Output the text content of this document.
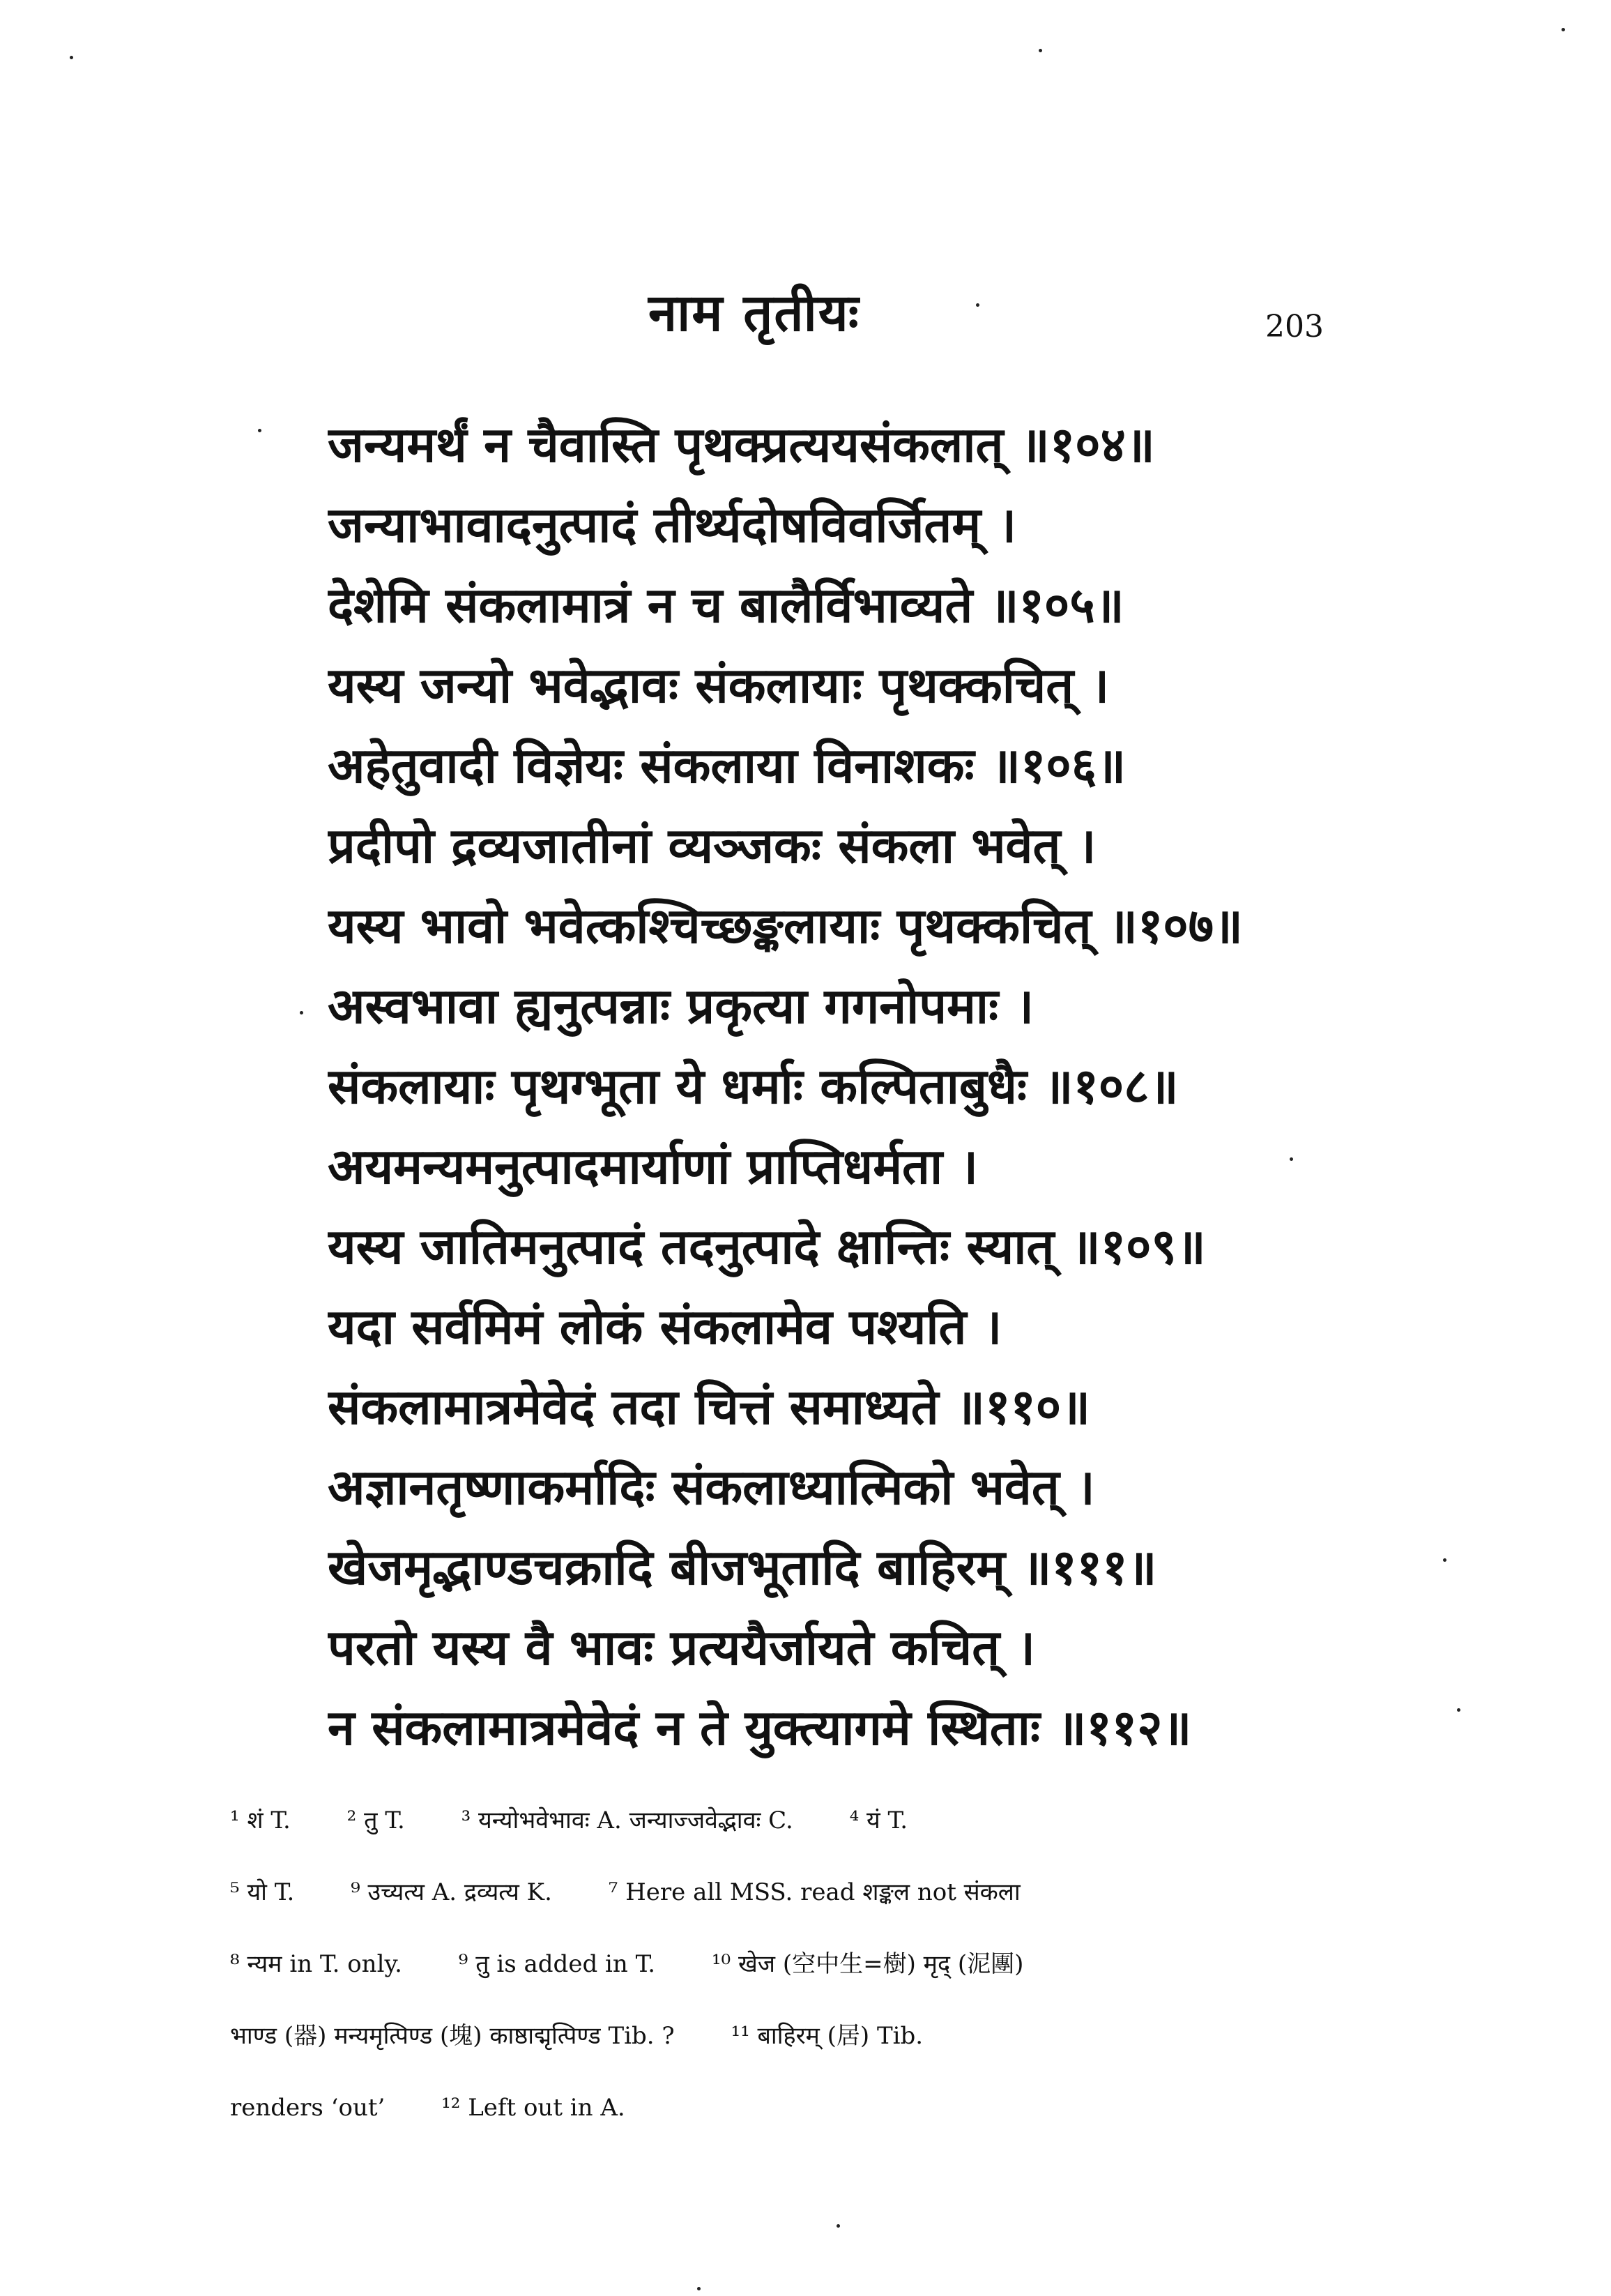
नाम तृतीयः	203
जन्यमर्थं न चैवास्ति पृथक्प्रत्ययसंकलात् ॥१०४॥
जन्याभावादनुत्पादं तीर्थ्यदोषविवर्जितम् ।
देशेमि संकलामात्रं न च बालैर्विभाव्यते ॥१०५॥
यस्य जन्यो भवेद्भावः संकलायाः पृथक्कचित् ।
अहेतुवादी विज्ञेयः संकलाया विनाशकः ॥१०६॥
प्रदीपो द्रव्यजातीनां व्यञ्जकः संकला भवेत् ।
यस्य भावो भवेत्कश्चिच्छङ्कलायाः पृथक्कचित् ॥१०७॥
अस्वभावा ह्यनुत्पन्नाः प्रकृत्या गगनोपमाः ।
संकलायाः पृथग्भूता ये धर्माः कल्पिताबुधैः ॥१०८॥
अयमन्यमनुत्पादमार्याणां प्राप्तिधर्मता ।
यस्य जातिमनुत्पादं तदनुत्पादे क्षान्तिः स्यात् ॥१०९॥
यदा सर्वमिमं लोकं संकलामेव पश्यति ।
संकलामात्रमेवेदं तदा चित्तं समाध्यते ॥११०॥
अज्ञानतृष्णाकर्मादिः संकलाध्यात्मिको भवेत् ।
खेजमृद्भाण्डचक्रादि बीजभूतादि बाहिरम् ॥१११॥
परतो यस्य वै भावः प्रत्ययैर्जायते कचित् ।
न संकलामात्रमेवेदं न ते युक्त्यागमे स्थिताः ॥११२॥
¹ शं T. ² तु T. ³ यन्योभवेभावः A. जन्याज्जवेद्भावः C. ⁴ यं T.
⁵ यो T. ⁹ उच्यत्य A. द्रव्यत्य K. ⁷ Here all MSS. read शङ्कल not संकला
⁸ न्यम in T. only. ⁹ तु is added in T. ¹⁰ खेज (空中生=樹) मृद् (泥團)
भाण्ड (器) मन्यमृत्पिण्ड (塊) काष्ठाद्मृत्पिण्ड Tib. ? ¹¹ बाहिरम् (居) Tib.
renders ‘out’ ¹² Left out in A.
